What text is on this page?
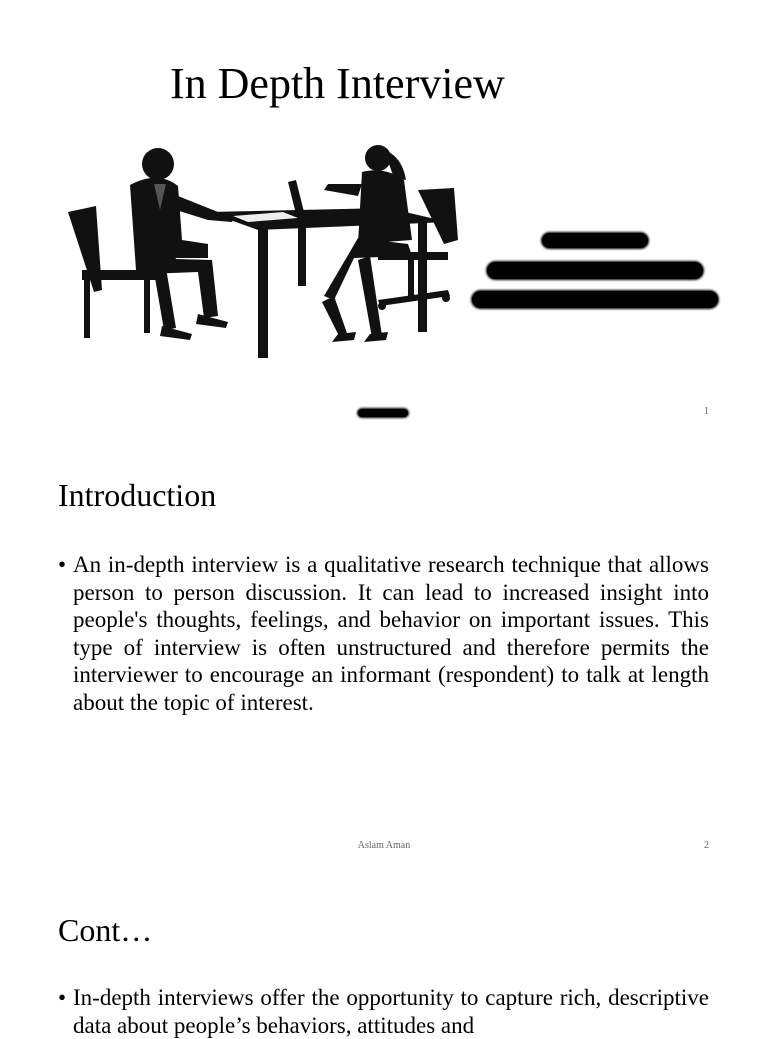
In Depth Interview
1
Introduction
• An in-depth interview is a qualitative research technique that allows person to person discussion. It can lead to increased insight into people's thoughts, feelings, and behavior on important issues. This type of interview is often unstructured and therefore permits the interviewer to encourage an informant (respondent) to talk at length about the topic of interest.
Aslam Aman	2
Cont…
• In-depth interviews offer the opportunity to capture rich, descriptive data about people’s behaviors, attitudes and
